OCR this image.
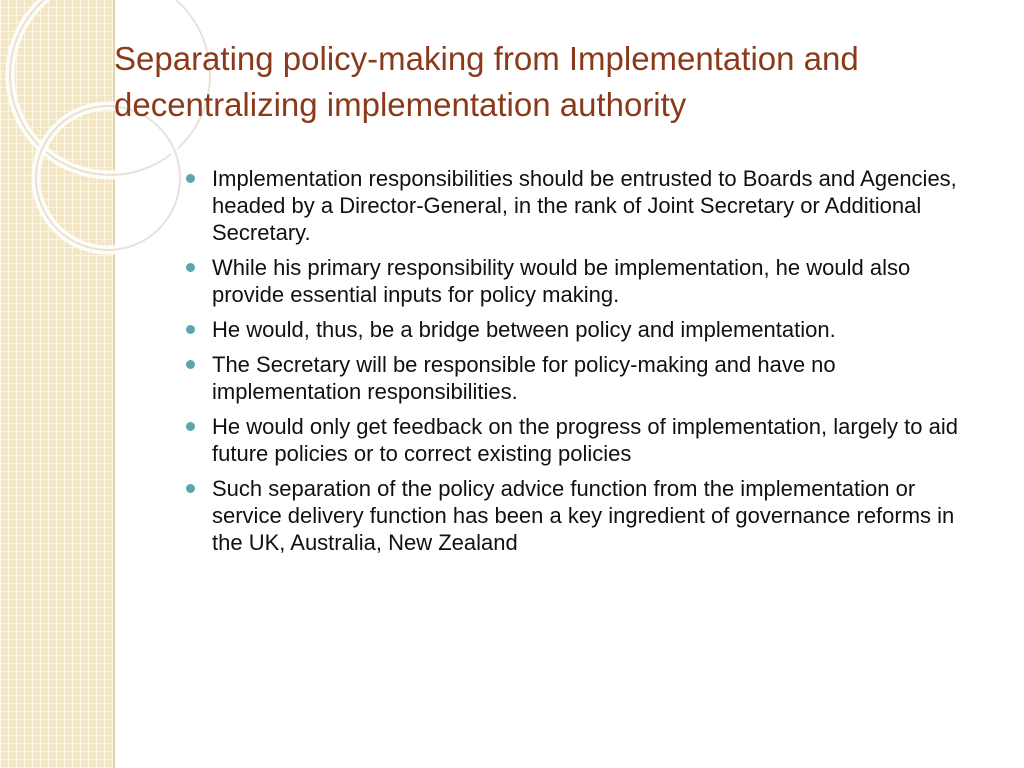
Separating policy-making from Implementation and decentralizing implementation authority
Implementation responsibilities should be entrusted to Boards and Agencies, headed by a Director-General, in the rank of Joint Secretary or Additional Secretary.
While his primary responsibility would be implementation, he would also provide essential inputs for policy making.
He would, thus, be a bridge between policy and implementation.
The Secretary will be responsible for policy-making and have no implementation responsibilities.
He would only get feedback on the progress of implementation, largely to aid future policies or to correct existing policies
Such separation of the policy advice function from the implementation or service delivery function has been a key ingredient of governance reforms in the UK, Australia, New Zealand
